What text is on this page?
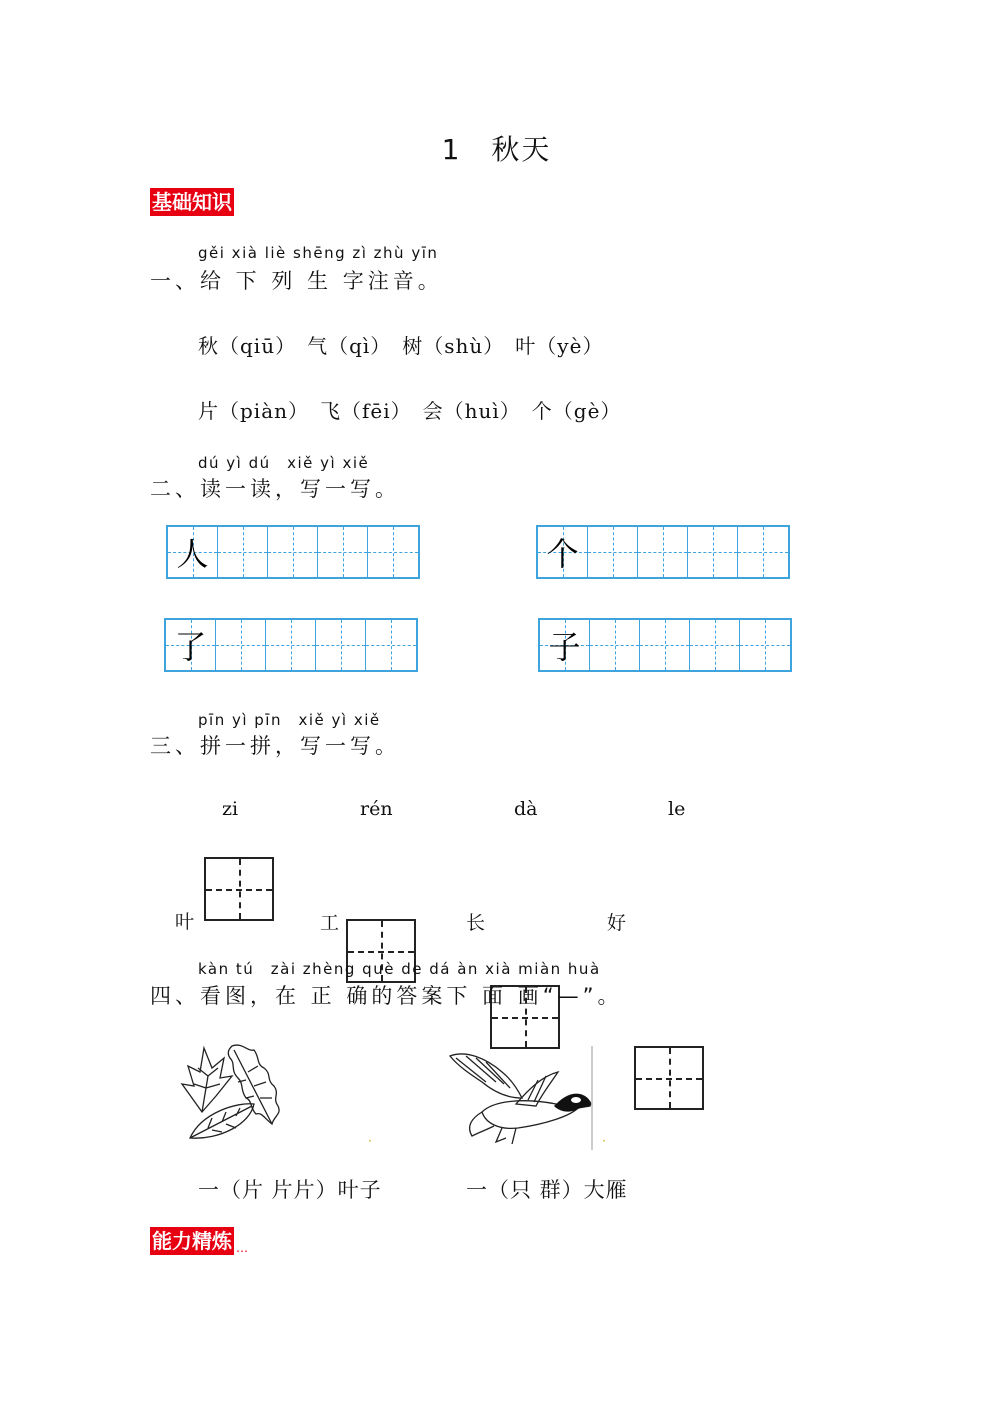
1　秋天
基础知识
gěi xià liè shēng zì zhù yīn
一、给 下 列 生 字注音。
秋（qiū）　气（qì）　树（shù）　叶（yè）
片（piàn）　飞（fēi）　会（huì）　个（gè）
dú yì dú　xiě yì xiě
二、读一读，写一写。
人	个
了	子
pīn yì pīn　xiě yì xiě
三、拼一拼，写一写。
zi	rén	dà	le
叶	工	长	好
kàn tú　zài zhèng què de dá àn xià miàn huà
四、看图，在 正 确的答案下 面 画“—”。
·	·
一（片 片片）叶子	一（只 群）大雁
能力精炼 …
